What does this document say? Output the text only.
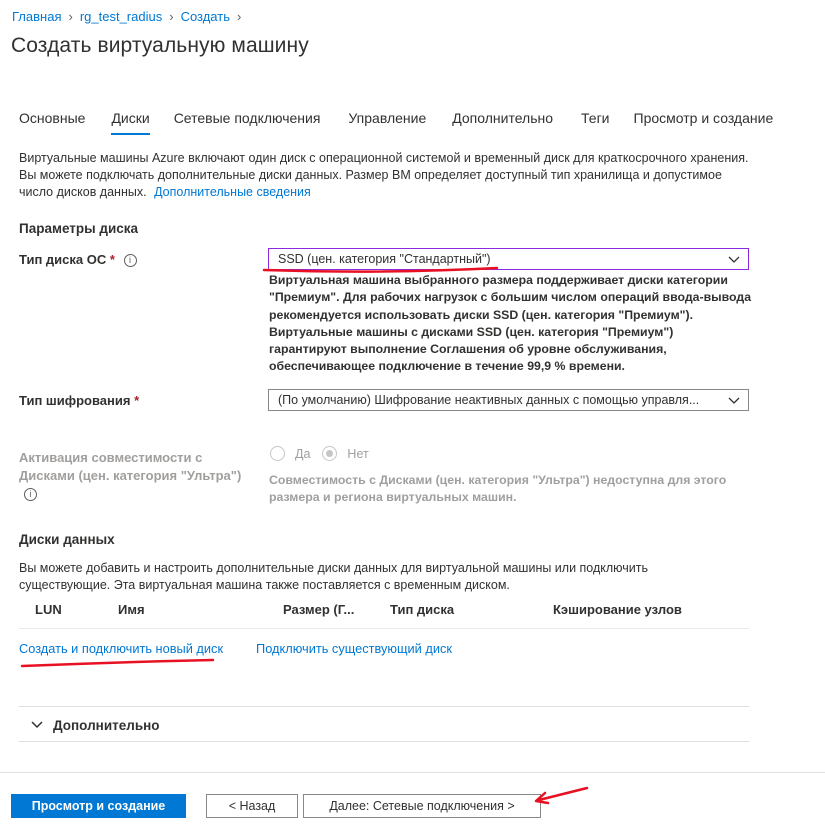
Главная › rg_test_radius › Создать ›
Создать виртуальную машину
Основные Диски Сетевые подключения Управление Дополнительно Теги Просмотр и создание
Виртуальные машины Azure включают один диск с операционной системой и временный диск для краткосрочного хранения. Вы можете подключать дополнительные диски данных. Размер ВМ определяет доступный тип хранилища и допустимое число дисков данных. Дополнительные сведения
Параметры диска
Тип диска ОС * i	SSD (цен. категория "Стандартный")
Виртуальная машина выбранного размера поддерживает диски категории "Премиум". Для рабочих нагрузок с большим числом операций ввода-вывода рекомендуется использовать диски SSD (цен. категория "Премиум"). Виртуальные машины с дисками SSD (цен. категория "Премиум") гарантируют выполнение Соглашения об уровне обслуживания, обеспечивающее подключение в течение 99,9 % времени.
Тип шифрования *	(По умолчанию) Шифрование неактивных данных с помощью управля...
Активация совместимости с Дисками (цен. категория "Ультра") i
Да	Нет
Совместимость с Дисками (цен. категория "Ультра") недоступна для этого размера и региона виртуальных машин.
Диски данных
Вы можете добавить и настроить дополнительные диски данных для виртуальной машины или подключить существующие. Эта виртуальная машина также поставляется с временным диском.
LUN	Имя	Размер (Г...	Тип диска	Кэширование узлов
Создать и подключить новый диск	Подключить существующий диск
Дополнительно
Просмотр и создание	< Назад	Далее: Сетевые подключения >
